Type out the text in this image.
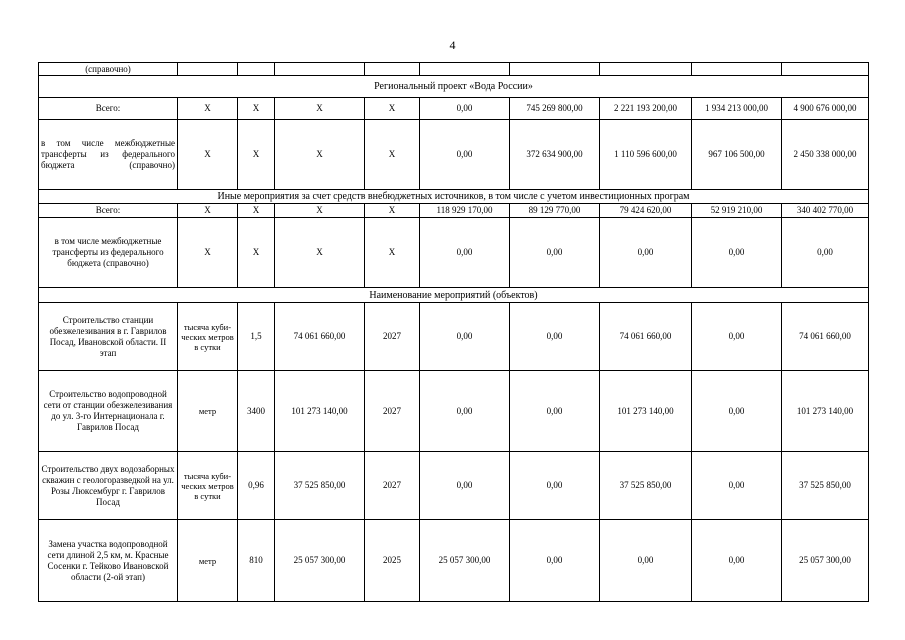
4
(справочно)									
Региональный проект «Вода России»									
Всего:	Х	Х	Х	Х	0,00	745 269 800,00	2 221 193 200,00	1 934 213 000,00	4 900 676 000,00
в том числе межбюджетные трансферты из федерального бюджета (справочно)	Х	Х	Х	Х	0,00	372 634 900,00	1 110 596 600,00	967 106 500,00	2 450 338 000,00
Иные мероприятия за счет средств внебюджетных источников, в том числе с учетом инвестиционных програм									
Всего:	Х	Х	Х	Х	118 929 170,00	89 129 770,00	79 424 620,00	52 919 210,00	340 402 770,00
в том числе межбюджетные трансферты из федерального бюджета (справочно)	Х	Х	Х	Х	0,00	0,00	0,00	0,00	0,00
Наименование мероприятий (объектов)									
Строительство станции обезжелезивания в г. Гаврилов Посад, Ивановской области. II этап	тысяча куби-ческих метров в сутки	1,5	74 061 660,00	2027	0,00	0,00	74 061 660,00	0,00	74 061 660,00
Строительство водопроводной сети от станции обезжелезивания до ул. 3-го Интернационала г. Гаврилов Посад	метр	3400	101 273 140,00	2027	0,00	0,00	101 273 140,00	0,00	101 273 140,00
Строительство двух водозаборных скважин с геологоразведкой на ул. Розы Люксембург г. Гаврилов Посад	тысяча куби-ческих метров в сутки	0,96	37 525 850,00	2027	0,00	0,00	37 525 850,00	0,00	37 525 850,00
Замена участка водопроводной сети длиной 2,5 км, м. Красные Сосенки г. Тейково Ивановской области (2-ой этап)	метр	810	25 057 300,00	2025	25 057 300,00	0,00	0,00	0,00	25 057 300,00
